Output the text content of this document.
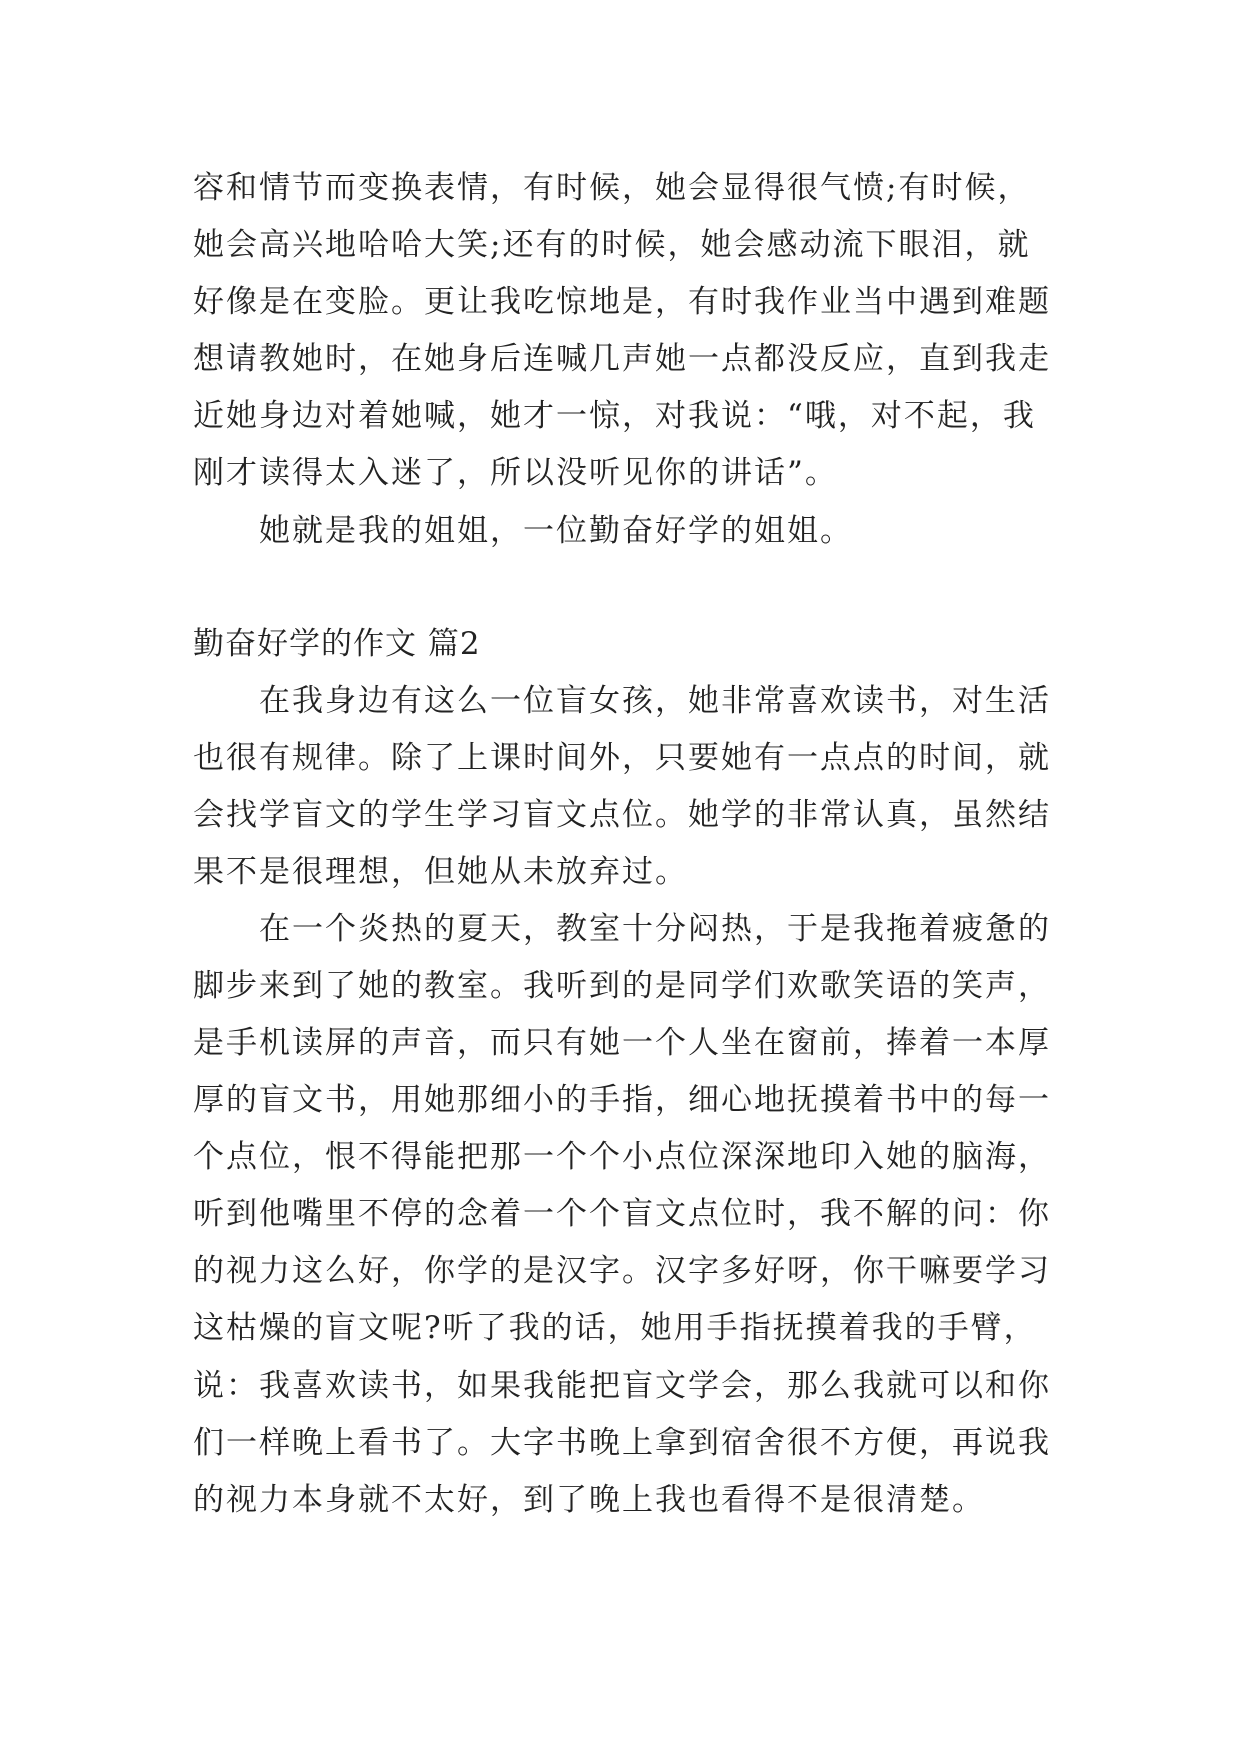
容和情节而变换表情，有时候，她会显得很气愤;有时候，
她会高兴地哈哈大笑;还有的时候，她会感动流下眼泪，就
好像是在变脸。更让我吃惊地是，有时我作业当中遇到难题
想请教她时，在她身后连喊几声她一点都没反应，直到我走
近她身边对着她喊，她才一惊，对我说：“哦，对不起，我
刚才读得太入迷了，所以没听见你的讲话”。
　　她就是我的姐姐，一位勤奋好学的姐姐。
勤奋好学的作文 篇2
　　在我身边有这么一位盲女孩，她非常喜欢读书，对生活
也很有规律。除了上课时间外，只要她有一点点的时间，就
会找学盲文的学生学习盲文点位。她学的非常认真，虽然结
果不是很理想，但她从未放弃过。
　　在一个炎热的夏天，教室十分闷热，于是我拖着疲惫的
脚步来到了她的教室。我听到的是同学们欢歌笑语的笑声，
是手机读屏的声音，而只有她一个人坐在窗前，捧着一本厚
厚的盲文书，用她那细小的手指，细心地抚摸着书中的每一
个点位，恨不得能把那一个个小点位深深地印入她的脑海，
听到他嘴里不停的念着一个个盲文点位时，我不解的问：你
的视力这么好，你学的是汉字。汉字多好呀，你干嘛要学习
这枯燥的盲文呢?听了我的话，她用手指抚摸着我的手臂，
说：我喜欢读书，如果我能把盲文学会，那么我就可以和你
们一样晚上看书了。大字书晚上拿到宿舍很不方便，再说我
的视力本身就不太好，到了晚上我也看得不是很清楚。
